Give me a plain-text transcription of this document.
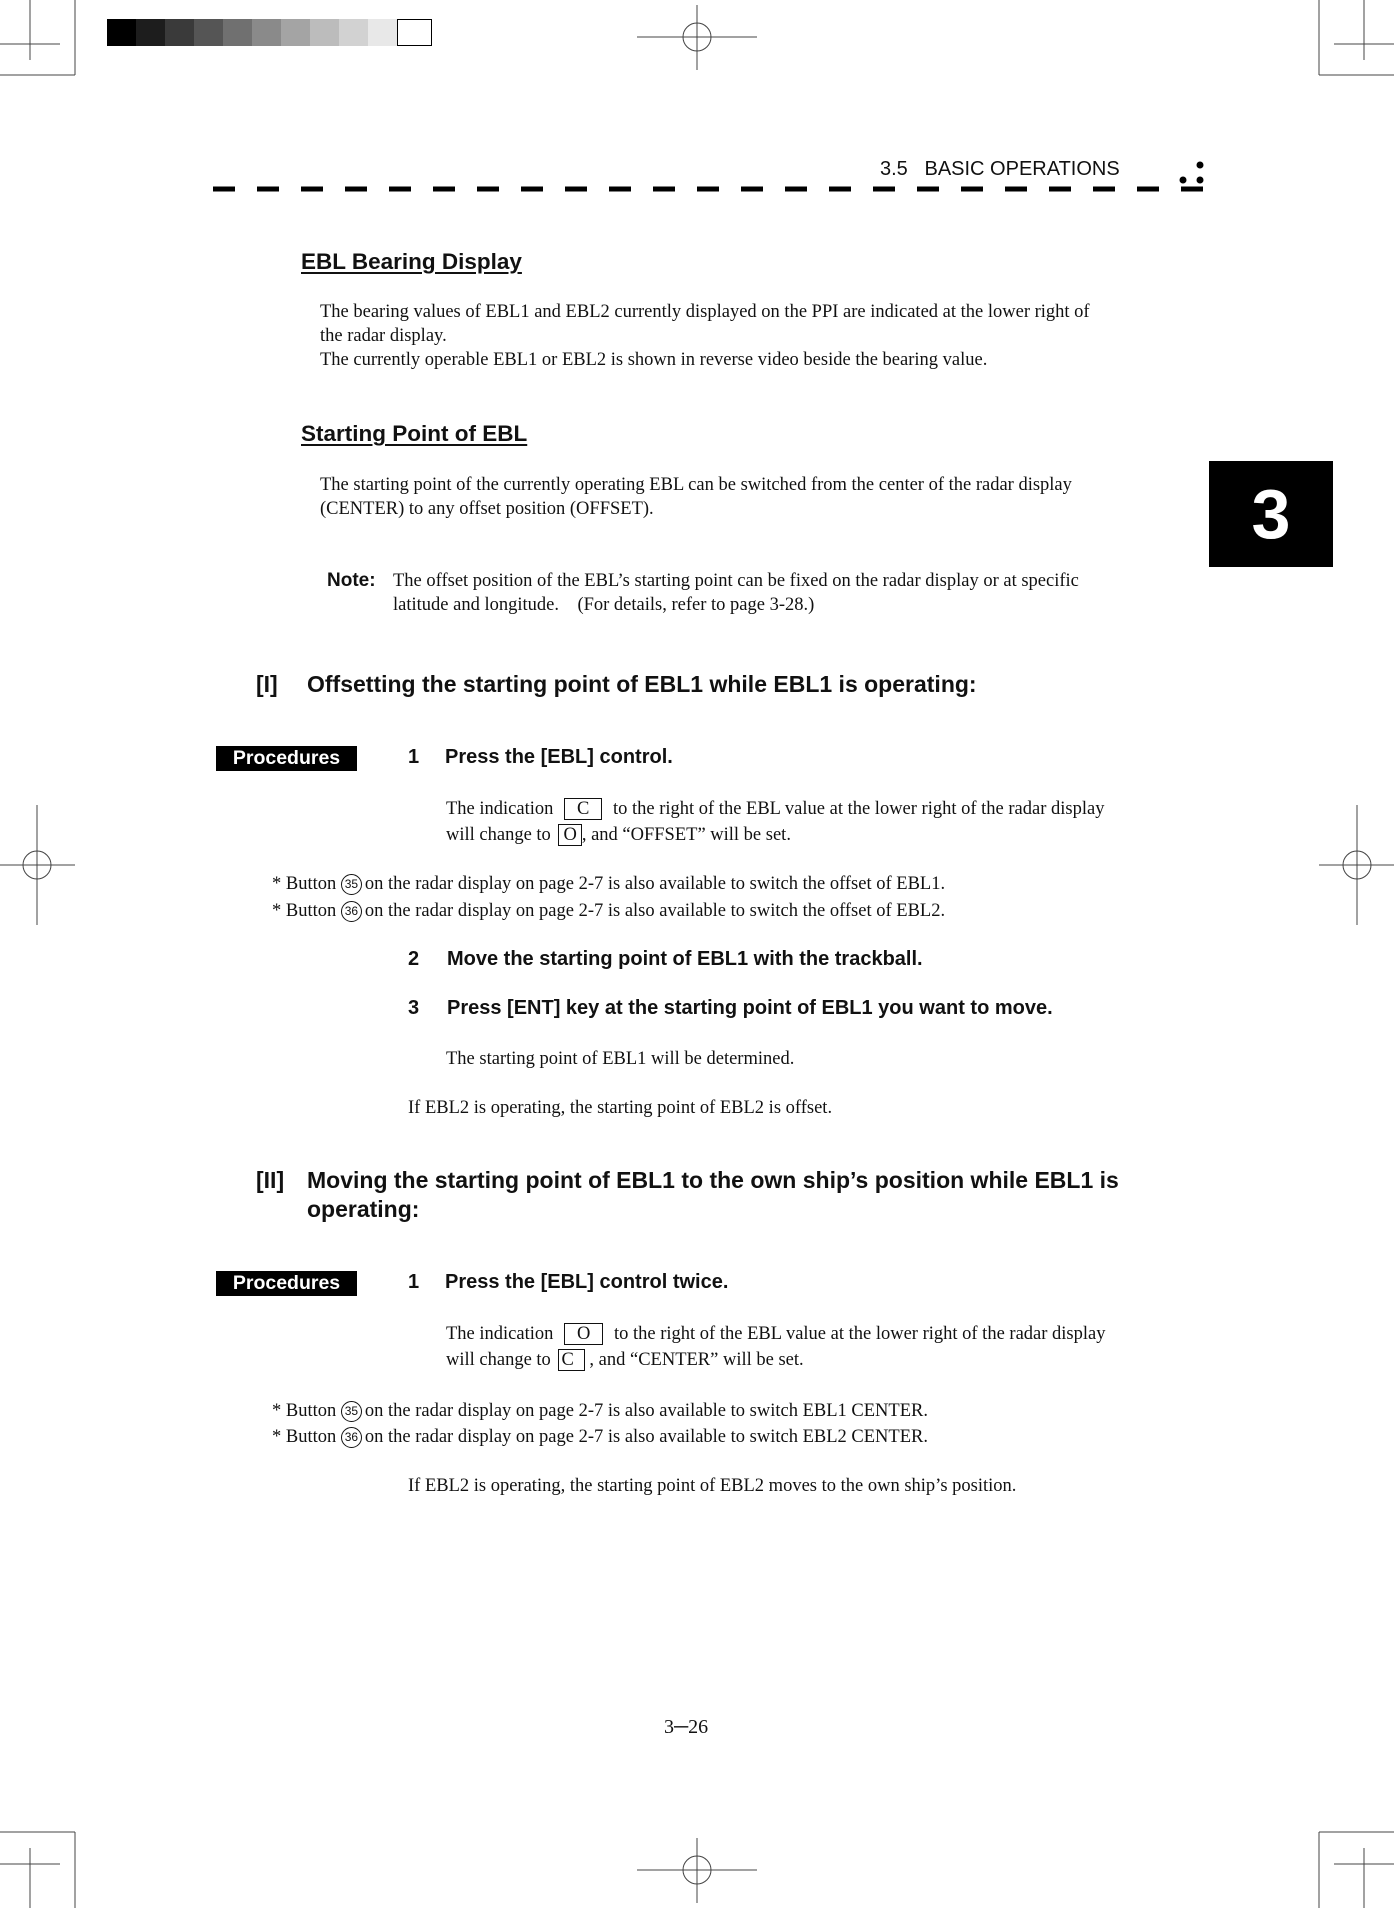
3.5   BASIC OPERATIONS
3
EBL Bearing Display
The bearing values of EBL1 and EBL2 currently displayed on the PPI are indicated at the lower right of
the radar display.
The currently operable EBL1 or EBL2 is shown in reverse video beside the bearing value.
Starting Point of EBL
The starting point of the currently operating EBL can be switched from the center of the radar display
(CENTER) to any offset position (OFFSET).
Note: The offset position of the EBL’s starting point can be fixed on the radar display or at specific
latitude and longitude.    (For details, refer to page 3-28.)
[I] Offsetting the starting point of EBL1 while EBL1 is operating:
Procedures	1 Press the [EBL] control.
The indication C to the right of the EBL value at the lower right of the radar display
will change to O , and “OFFSET” will be set.
* Button 35 on the radar display on page 2-7 is also available to switch the offset of EBL1.
* Button 36 on the radar display on page 2-7 is also available to switch the offset of EBL2.
2 Move the starting point of EBL1 with the trackball.
3 Press [ENT] key at the starting point of EBL1 you want to move.
The starting point of EBL1 will be determined.
If EBL2 is operating, the starting point of EBL2 is offset.
[II] Moving the starting point of EBL1 to the own ship’s position while EBL1 is
operating:
Procedures	1 Press the [EBL] control twice.
The indication O to the right of the EBL value at the lower right of the radar display
will change to C , and “CENTER” will be set.
* Button 35 on the radar display on page 2-7 is also available to switch EBL1 CENTER.
* Button 36 on the radar display on page 2-7 is also available to switch EBL2 CENTER.
If EBL2 is operating, the starting point of EBL2 moves to the own ship’s position.
3─26
